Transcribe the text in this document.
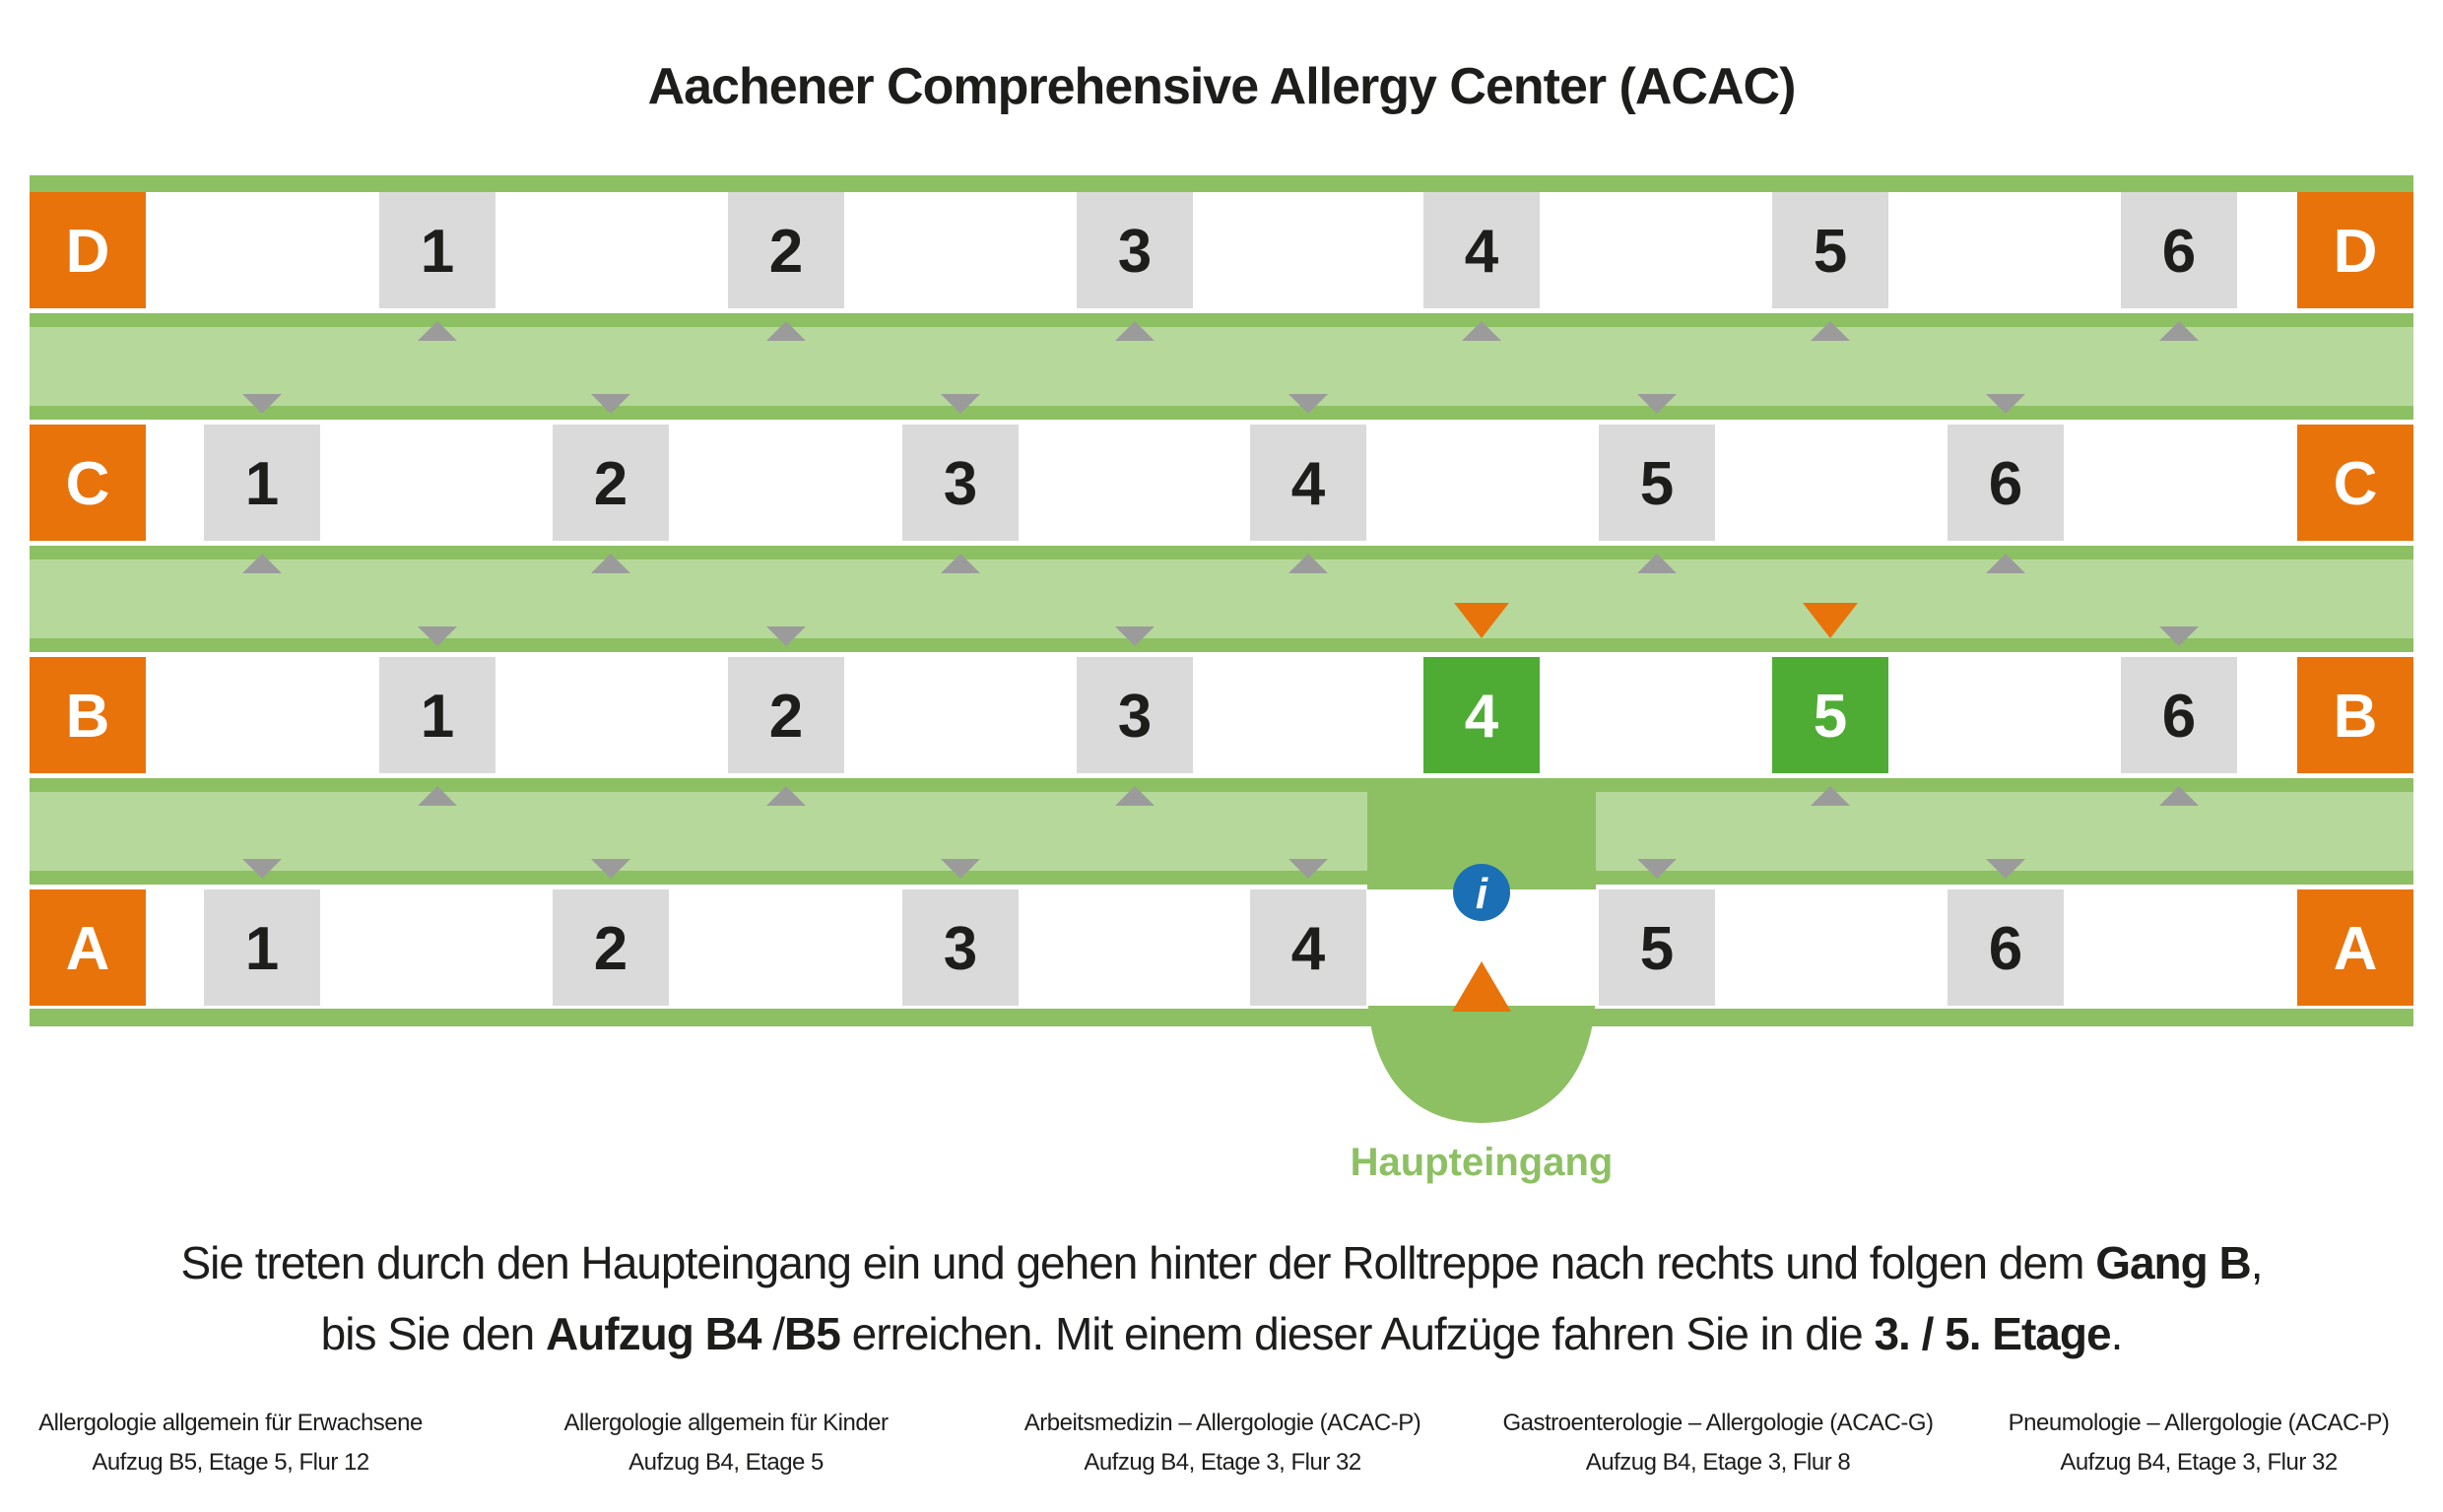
Aachener Comprehensive Allergy Center (ACAC)
A	A
1	2	3	4	5	6
B	B
1	2	3	4	5	6
C	C
1	2	3	4	5	6
D	D
1	2	3	4	5	6
i
Haupteingang
Sie treten durch den Haupteingang ein und gehen hinter der Rolltreppe nach rechts und folgen dem Gang B,
bis Sie den Aufzug B4 /B5 erreichen. Mit einem dieser Aufzüge fahren Sie in die 3. / 5. Etage.
Allergologie allgemein für Erwachsene
Aufzug B5, Etage 5, Flur 12
Allergologie allgemein für Kinder
Aufzug B4, Etage 5
Arbeitsmedizin – Allergologie (ACAC-P)
Aufzug B4, Etage 3, Flur 32
Gastroenterologie – Allergologie (ACAC-G)
Aufzug B4, Etage 3, Flur 8
Pneumologie – Allergologie (ACAC-P)
Aufzug B4, Etage 3, Flur 32
